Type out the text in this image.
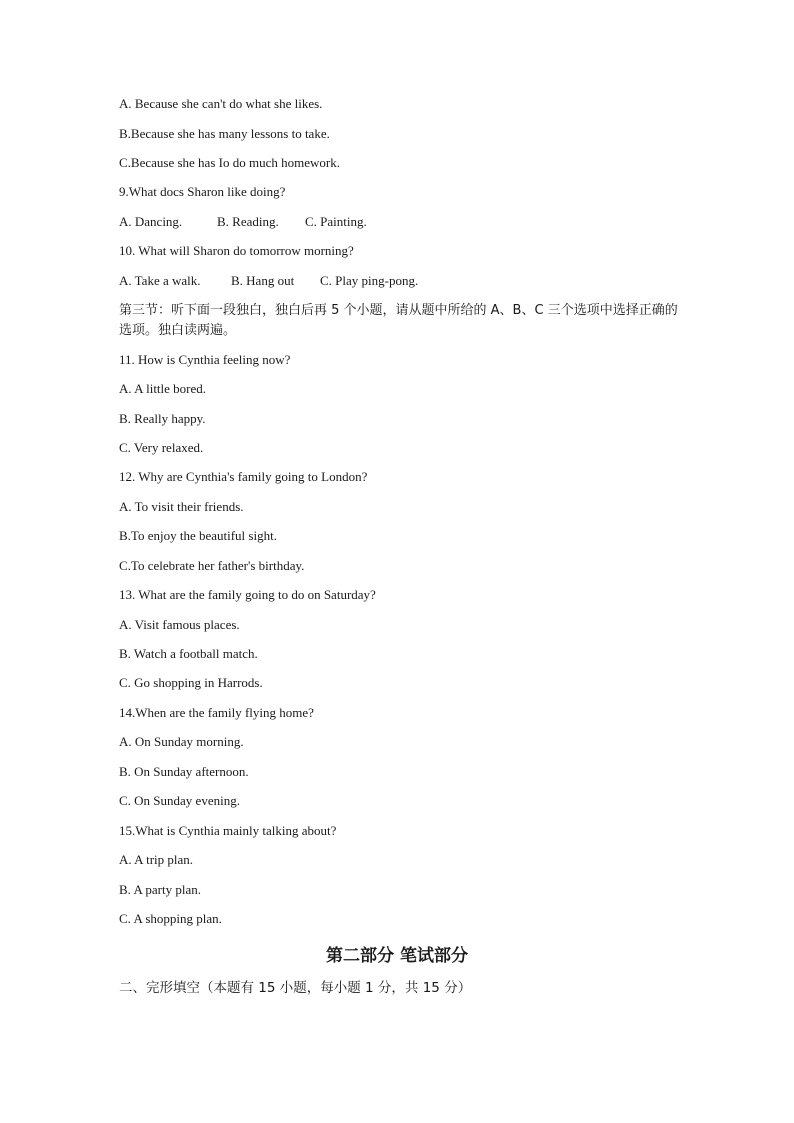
A. Because she can't do what she likes.
B.Because she has many lessons to take.
C.Because she has Io do much homework.
9.What docs Sharon like doing?
A. Dancing.	B. Reading. C. Painting.
10. What will Sharon do tomorrow morning?
A. Take a walk. B. Hang out C. Play ping-pong.
第三节：听下面一段独白，独白后再 5 个小题，请从题中所给的 A、B、C 三个选项中选择正确的选项。独白读两遍。
11. How is Cynthia feeling now?
A. A little bored.
B. Really happy.
C. Very relaxed.
12. Why are Cynthia's family going to London?
A. To visit their friends.
B.To enjoy the beautiful sight.
C.To celebrate her father's birthday.
13. What are the family going to do on Saturday?
A. Visit famous places.
B. Watch a football match.
C. Go shopping in Harrods.
14.When are the family flying home?
A. On Sunday morning.
B. On Sunday afternoon.
C. On Sunday evening.
15.What is Cynthia mainly talking about?
A. A trip plan.
B. A party plan.
C. A shopping plan.
第二部分 笔试部分
二、完形填空（本题有 15 小题，每小题 1 分，共 15 分）
